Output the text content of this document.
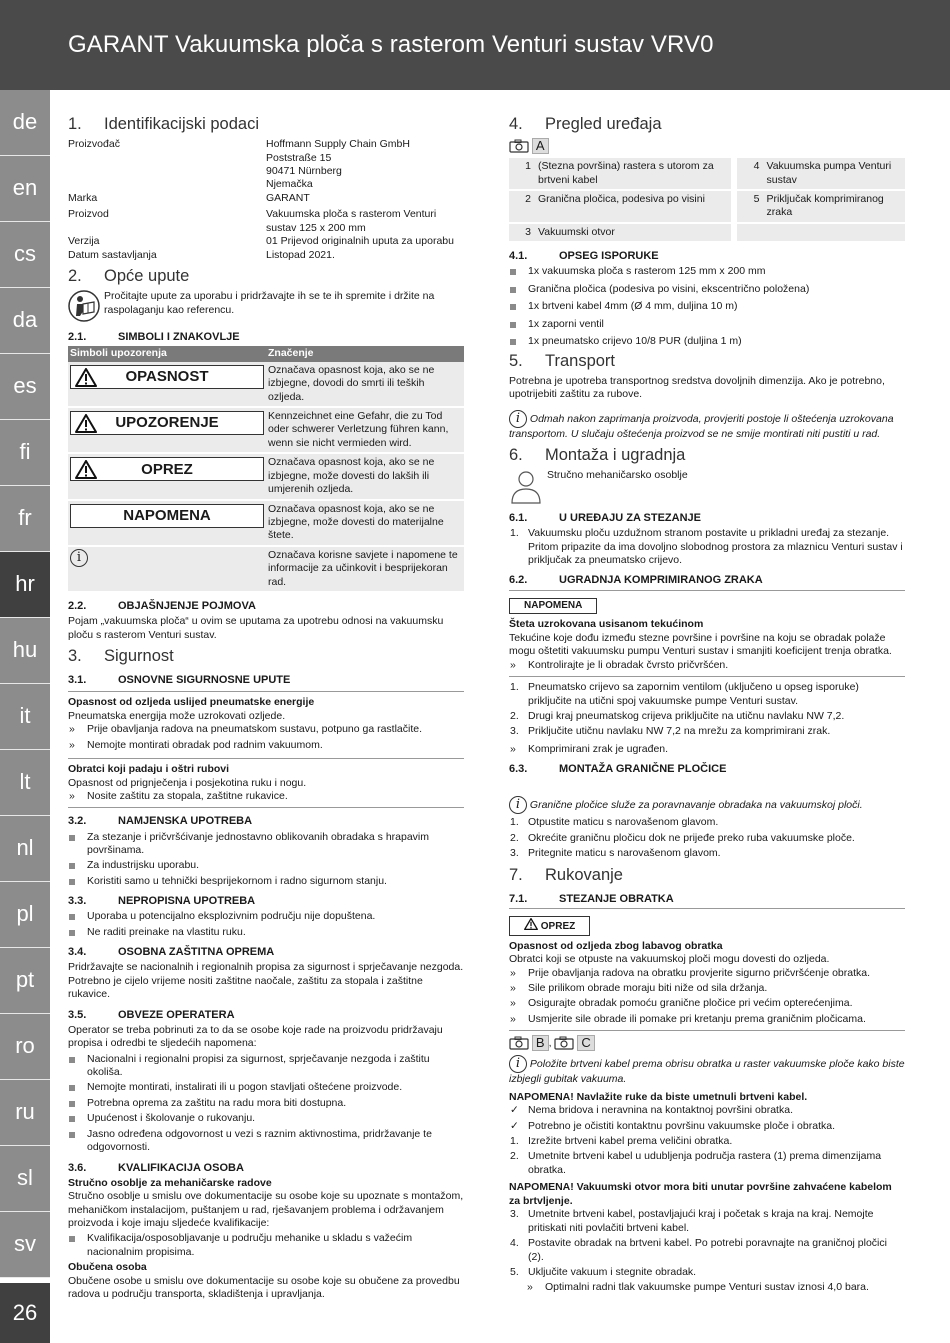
GARANT Vakuumska ploča s rasterom Venturi sustav VRV0
de
en
cs
da
es
fi
fr
hr
hu
it
lt
nl
pl
pt
ro
ru
sl
sv
26
1. Identifikacijski podaci
Proizvođač	Hoffmann Supply Chain GmbH
Poststraße 15
90471 Nürnberg
Njemačka
Marka	GARANT
Proizvod	Vakuumska ploča s rasterom Venturi
sustav 125 x 200 mm
Verzija	01 Prijevod originalnih uputa za uporabu
Datum sastavljanja	Listopad 2021.
2. Opće upute
Pročitajte upute za uporabu i pridržavajte ih se te ih spremite i držite na raspolaganju kao referencu.
2.1.	SIMBOLI I ZNAKOVLJE
Simboli upozorenja	Značenje

OPASNOST	Označava opasnost koja, ako se ne izbjegne, dovodi do smrti ili teških ozljeda.

UPOZORENJE	Kennzeichnet eine Gefahr, die zu Tod oder schwerer Verletzung führen kann, wenn sie nicht vermieden wird.

OPREZ	Označava opasnost koja, ako se ne izbjegne, može dovesti do lakših ili umjerenih ozljeda.

NAPOMENA	Označava opasnost koja, ako se ne izbjegne, može dovesti do materijalne štete.
i	Označava korisne savjete i napomene te informacije za učinkovit i besprijekoran rad.
2.2.	OBJAŠNJENJE POJMOVA
Pojam „vakuumska ploča“ u ovim se uputama za upotrebu odnosi na vakuumsku ploču s rasterom Venturi sustav.
3. Sigurnost
3.1.	OSNOVNE SIGURNOSNE UPUTE
Opasnost od ozljeda uslijed pneumatske energije
Pneumatska energija može uzrokovati ozljede.
» Prije obavljanja radova na pneumatskom sustavu, potpuno ga rastlačite.
» Nemojte montirati obradak pod radnim vakuumom.
Obratci koji padaju i oštri rubovi
Opasnost od prignječenja i posjekotina ruku i nogu.
» Nosite zaštitu za stopala, zaštitne rukavice.
3.2.	NAMJENSKA UPOTREBA
Za stezanje i pričvršćivanje jednostavno oblikovanih obradaka s hrapavim površinama.
Za industrijsku uporabu.
Koristiti samo u tehnički besprijekornom i radno sigurnom stanju.
3.3.	NEPROPISNA UPOTREBA
Uporaba u potencijalno eksplozivnim području nije dopuštena.
Ne raditi preinake na vlastitu ruku.
3.4.	OSOBNA ZAŠTITNA OPREMA
Pridržavajte se nacionalnih i regionalnih propisa za sigurnost i sprječavanje nezgoda. Potrebno je cijelo vrijeme nositi zaštitne naočale, zaštitu za stopala i zaštitne rukavice.
3.5.	OBVEZE OPERATERA
Operator se treba pobrinuti za to da se osobe koje rade na proizvodu pridržavaju propisa i odredbi te sljedećih napomena:
Nacionalni i regionalni propisi za sigurnost, sprječavanje nezgoda i zaštitu okoliša.
Nemojte montirati, instalirati ili u pogon stavljati oštećene proizvode.
Potrebna oprema za zaštitu na radu mora biti dostupna.
Upućenost i školovanje o rukovanju.
Jasno određena odgovornost u vezi s raznim aktivnostima, pridržavanje te odgovornosti.
3.6.	KVALIFIKACIJA OSOBA
Stručno osoblje za mehaničarske radove
Stručno osoblje u smislu ove dokumentacije su osobe koje su upoznate s montažom, mehaničkom instalacijom, puštanjem u rad, rješavanjem problema i održavanjem proizvoda i koje imaju sljedeće kvalifikacije:
Kvalifikacija/osposobljavanje u području mehanike u skladu s važećim nacionalnim propisima.
Obučena osoba
Obučene osobe u smislu ove dokumentacije su osobe koje su obučene za provedbu radova u području transporta, skladištenja i upravljanja.
4. Pregled uređaja
A
1	(Stezna površina) rastera s utorom za brtveni kabel		4	Vakuumska pumpa Venturi sustav
2	Granična pločica, podesiva po visini		5	Priključak komprimiranog zraka
3	Vakuumski otvor			
4.1.	OPSEG ISPORUKE
1x vakuumska ploča s rasterom 125 mm x 200 mm
Granična pločica (podesiva po visini, ekscentrično položena)
1x brtveni kabel 4mm (Ø 4 mm, duljina 10 m)
1x zaporni ventil
1x pneumatsko crijevo 10/8 PUR (duljina 1 m)
5. Transport
Potrebna je upotreba transportnog sredstva dovoljnih dimenzija. Ako je potrebno, upotrijebiti zaštitu za rubove.
i Odmah nakon zaprimanja proizvoda, provjeriti postoje li oštećenja uzrokovana transportom. U slučaju oštećenja proizvod se ne smije montirati niti pustiti u rad.
6. Montaža i ugradnja
Stručno mehaničarsko osoblje
6.1.	U UREĐAJU ZA STEZANJE
1. Vakuumsku ploču uzdužnom stranom postavite u prikladni uređaj za stezanje. Pritom pripazite da ima dovoljno slobodnog prostora za mlaznicu Venturi sustav i priključak za pneumatsko crijevo.
6.2.	UGRADNJA KOMPRIMIRANOG ZRAKA
NAPOMENA
Šteta uzrokovana usisanom tekućinom
Tekućine koje dođu između stezne površine i površine na koju se obradak polaže mogu oštetiti vakuumsku pumpu Venturi sustav i smanjiti koeficijent trenja obratka.
» Kontrolirajte je li obradak čvrsto pričvršćen.
1. Pneumatsko crijevo sa zapornim ventilom (uključeno u opseg isporuke) priključite na utični spoj vakuumske pumpe Venturi sustav.
2. Drugi kraj pneumatskog crijeva priključite na utičnu navlaku NW 7,2.
3. Priključite utičnu navlaku NW 7,2 na mrežu za komprimirani zrak.
» Komprimirani zrak je ugrađen.
6.3.	MONTAŽA GRANIČNE PLOČICE
i Granične pločice služe za poravnavanje obradaka na vakuumskoj ploči.
1. Otpustite maticu s narovašenom glavom.
2. Okrećite graničnu pločicu dok ne prijeđe preko ruba vakuumske ploče.
3. Pritegnite maticu s narovašenom glavom.
7. Rukovanje
7.1.	STEZANJE OBRATKA
OPREZ
Opasnost od ozljeda zbog labavog obratka
Obratci koji se otpuste na vakuumskoj ploči mogu dovesti do ozljeda.
» Prije obavljanja radova na obratku provjerite sigurno pričvršćenje obratka.
» Sile prilikom obrade moraju biti niže od sila držanja.
» Osigurajte obradak pomoću granične pločice pri većim opterećenjima.
» Usmjerite sile obrade ili pomake pri kretanju prema graničnim pločicama.
B , C
i Položite brtveni kabel prema obrisu obratka u raster vakuumske ploče kako biste izbjegli gubitak vakuuma.
NAPOMENA! Navlažite ruke da biste umetnuli brtveni kabel.
✓ Nema bridova i neravnina na kontaktnoj površini obratka.
✓ Potrebno je očistiti kontaktnu površinu vakuumske ploče i obratka.
1. Izrežite brtveni kabel prema veličini obratka.
2. Umetnite brtveni kabel u udubljenja područja rastera (1) prema dimenzijama obratka.
NAPOMENA! Vakuumski otvor mora biti unutar površine zahvaćene kabelom za brtvljenje.
3. Umetnite brtveni kabel, postavljajući kraj i početak s kraja na kraj. Nemojte pritiskati niti povlačiti brtveni kabel.
4. Postavite obradak na brtveni kabel. Po potrebi poravnajte na graničnoj pločici (2).
5. Uključite vakuum i stegnite obradak.
» Optimalni radni tlak vakuumske pumpe Venturi sustav iznosi 4,0 bara.
